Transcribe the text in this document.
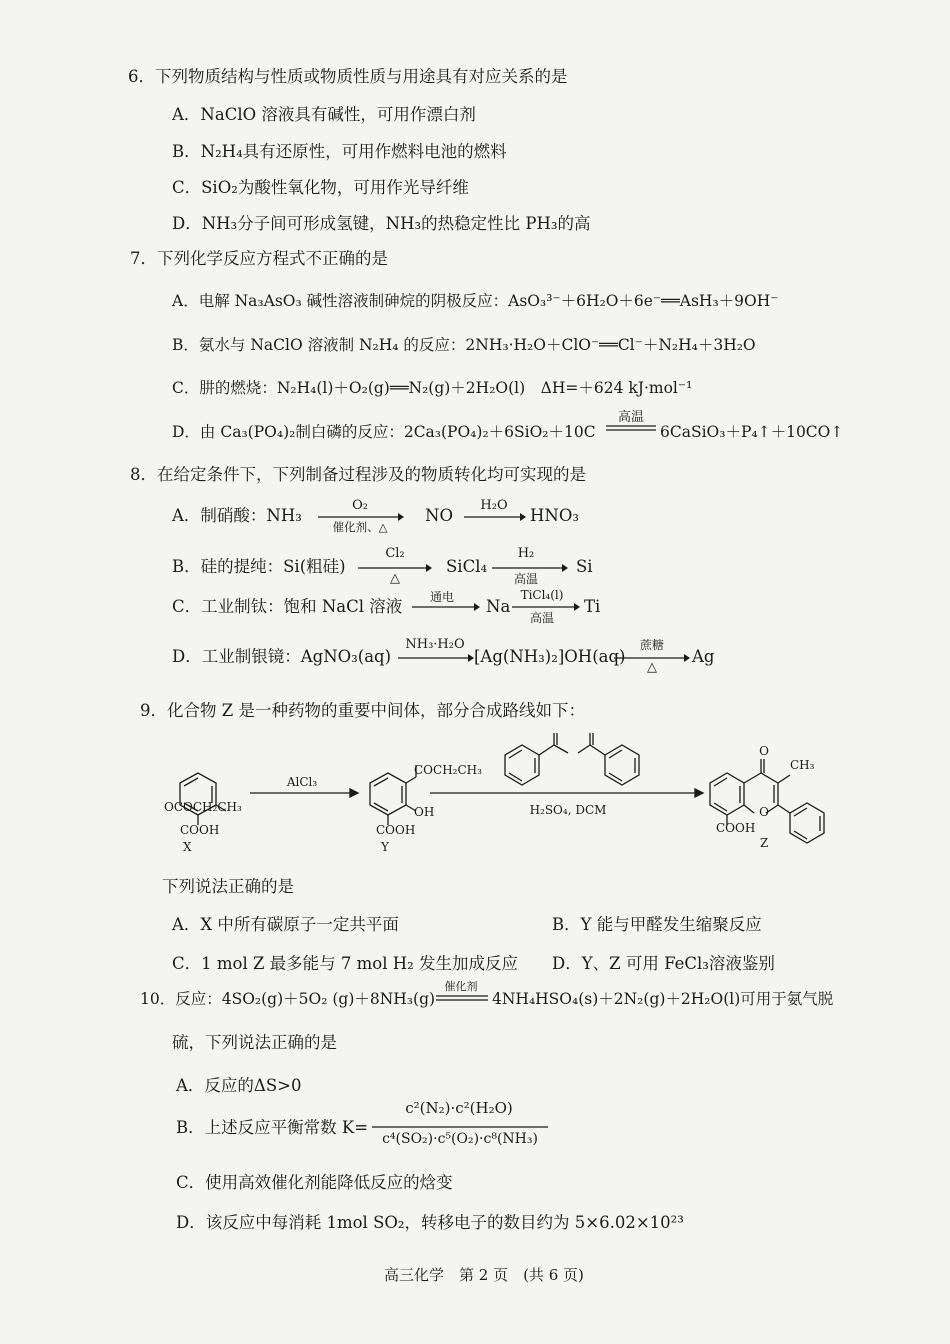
6．下列物质结构与性质或物质性质与用途具有对应关系的是
A．NaClO 溶液具有碱性，可用作漂白剂
B．N₂H₄具有还原性，可用作燃料电池的燃料
C．SiO₂为酸性氧化物，可用作光导纤维
D．NH₃分子间可形成氢键，NH₃的热稳定性比 PH₃的高
7．下列化学反应方程式不正确的是
A．电解 Na₃AsO₃ 碱性溶液制砷烷的阴极反应：AsO₃³⁻＋6H₂O＋6e⁻══AsH₃＋9OH⁻
B．氨水与 NaClO 溶液制 N₂H₄ 的反应：2NH₃·H₂O＋ClO⁻══Cl⁻＋N₂H₄＋3H₂O
C．肼的燃烧：N₂H₄(l)＋O₂(g)══N₂(g)＋2H₂O(l)　ΔH=＋624 kJ·mol⁻¹
D．由 Ca₃(PO₄)₂制白磷的反应：2Ca₃(PO₄)₂＋6SiO₂＋10C
高温
6CaSiO₃＋P₄↑＋10CO↑
8．在给定条件下，下列制备过程涉及的物质转化均可实现的是
A．制硝酸：NH₃
O₂
催化剂、△
NO
H₂O
HNO₃
B．硅的提纯：Si(粗硅)
Cl₂
△
SiCl₄
H₂
高温
Si
C．工业制钛：饱和 NaCl 溶液	通电	Na
TiCl₄(l)
高温
Ti
D．工业制银镜：AgNO₃(aq)
NH₃·H₂O
[Ag(NH₃)₂]OH(aq)
蔗糖
△
Ag
9．化合物 Z 是一种药物的重要中间体，部分合成路线如下：
OCOCH₂CH₃
COOH
X
AlCl₃
COCH₂CH₃
OH
COOH
Y
H₂SO₄, DCM
O
CH₃
O
COOH
Z
下列说法正确的是
A．X 中所有碳原子一定共平面	B．Y 能与甲醛发生缩聚反应
C．1 mol Z 最多能与 7 mol H₂ 发生加成反应 D．Y、Z 可用 FeCl₃溶液鉴别
10．反应：4SO₂(g)＋5O₂ (g)＋8NH₃(g)
催化剂
4NH₄HSO₄(s)＋2N₂(g)＋2H₂O(l)可用于氨气脱
硫，下列说法正确的是
A．反应的ΔS>0
B．上述反应平衡常数 K=
c²(N₂)·c²(H₂O)
c⁴(SO₂)·c⁵(O₂)·c⁸(NH₃)
C．使用高效催化剂能降低反应的焓变
D．该反应中每消耗 1mol SO₂，转移电子的数目约为 5×6.02×10²³
高三化学　第 2 页　(共 6 页)
